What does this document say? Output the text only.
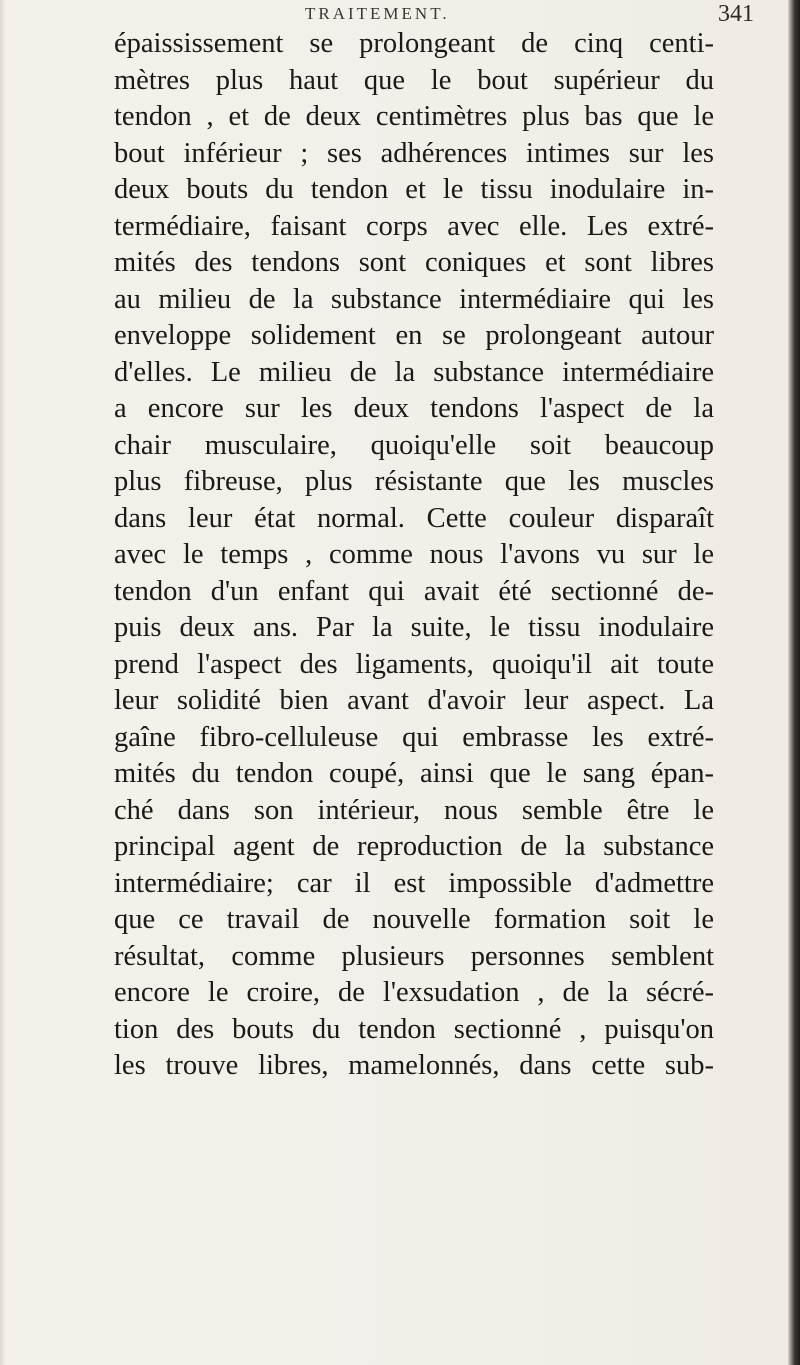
TRAITEMENT.	341
épaississement se prolongeant de cinq centi-
mètres plus haut que le bout supérieur du
tendon , et de deux centimètres plus bas que le
bout inférieur ; ses adhérences intimes sur les
deux bouts du tendon et le tissu inodulaire in-
termédiaire, faisant corps avec elle. Les extré-
mités des tendons sont coniques et sont libres
au milieu de la substance intermédiaire qui les
enveloppe solidement en se prolongeant autour
d'elles. Le milieu de la substance intermédiaire
a encore sur les deux tendons l'aspect de la
chair musculaire, quoiqu'elle soit beaucoup
plus fibreuse, plus résistante que les muscles
dans leur état normal. Cette couleur disparaît
avec le temps , comme nous l'avons vu sur le
tendon d'un enfant qui avait été sectionné de-
puis deux ans. Par la suite, le tissu inodulaire
prend l'aspect des ligaments, quoiqu'il ait toute
leur solidité bien avant d'avoir leur aspect. La
gaîne fibro-celluleuse qui embrasse les extré-
mités du tendon coupé, ainsi que le sang épan-
ché dans son intérieur, nous semble être le
principal agent de reproduction de la substance
intermédiaire; car il est impossible d'admettre
que ce travail de nouvelle formation soit le
résultat, comme plusieurs personnes semblent
encore le croire, de l'exsudation , de la sécré-
tion des bouts du tendon sectionné , puisqu'on
les trouve libres, mamelonnés, dans cette sub-
